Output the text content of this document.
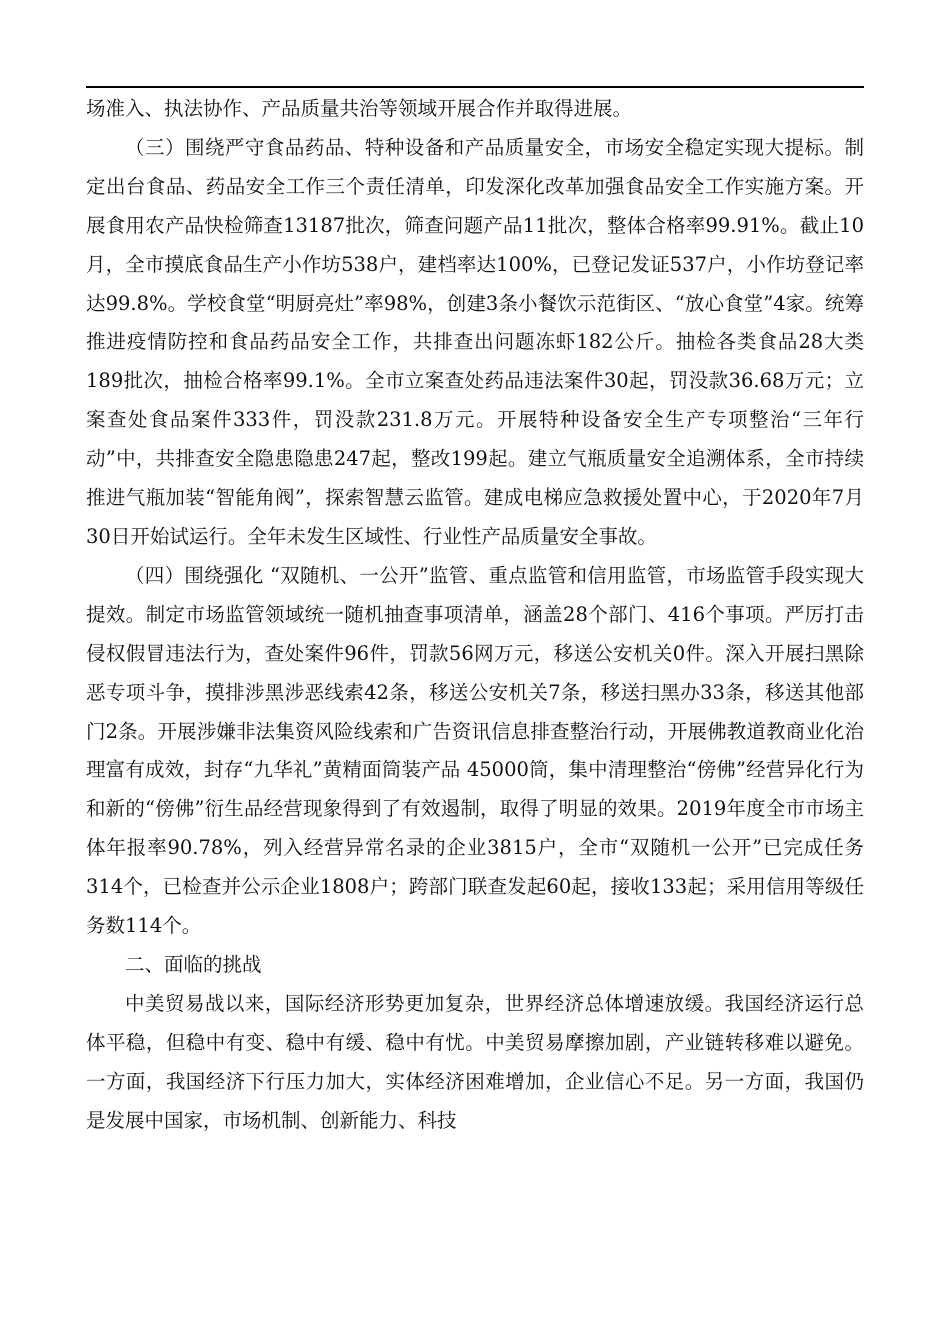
场准入、执法协作、产品质量共治等领域开展合作并取得进展。

（三）围绕严守食品药品、特种设备和产品质量安全，市场安全稳定实现大提标。制定出台食品、药品安全工作三个责任清单，印发深化改革加强食品安全工作实施方案。开展食用农产品快检筛查13187批次，筛查问题产品11批次，整体合格率99.91%。截止10月，全市摸底食品生产小作坊538户，建档率达100%，已登记发证537户，小作坊登记率达99.8%。学校食堂“明厨亮灶”率98%，创建3条小餐饮示范街区、“放心食堂”4家。统筹推进疫情防控和食品药品安全工作，共排查出问题冻虾182公斤。抽检各类食品28大类189批次，抽检合格率99.1%。全市立案查处药品违法案件30起，罚没款36.68万元；立案查处食品案件333件，罚没款231.8万元。开展特种设备安全生产专项整治“三年行动”中，共排查安全隐患隐患247起，整改199起。建立气瓶质量安全追溯体系，全市持续推进气瓶加装“智能角阀”，探索智慧云监管。建成电梯应急救援处置中心，于2020年7月30日开始试运行。全年未发生区域性、行业性产品质量安全事故。

（四）围绕强化 “双随机、一公开”监管、重点监管和信用监管，市场监管手段实现大提效。制定市场监管领域统一随机抽查事项清单，涵盖28个部门、416个事项。严厉打击侵权假冒违法行为，查处案件96件，罚款56网万元，移送公安机关0件。深入开展扫黑除恶专项斗争，摸排涉黑涉恶线索42条，移送公安机关7条，移送扫黑办33条，移送其他部门2条。开展涉嫌非法集资风险线索和广告资讯信息排查整治行动，开展佛教道教商业化治理富有成效，封存“九华礼”黄精面筒装产品 45000筒，集中清理整治“傍佛”经营异化行为和新的“傍佛”衍生品经营现象得到了有效遏制，取得了明显的效果。2019年度全市市场主体年报率90.78%，列入经营异常名录的企业3815户，全市“双随机一公开”已完成任务314个，已检查并公示企业1808户；跨部门联查发起60起，接收133起；采用信用等级任务数114个。

二、面临的挑战

中美贸易战以来，国际经济形势更加复杂，世界经济总体增速放缓。我国经济运行总体平稳，但稳中有变、稳中有缓、稳中有忧。中美贸易摩擦加剧，产业链转移难以避免。一方面，我国经济下行压力加大，实体经济困难增加，企业信心不足。另一方面，我国仍是发展中国家，市场机制、创新能力、科技
